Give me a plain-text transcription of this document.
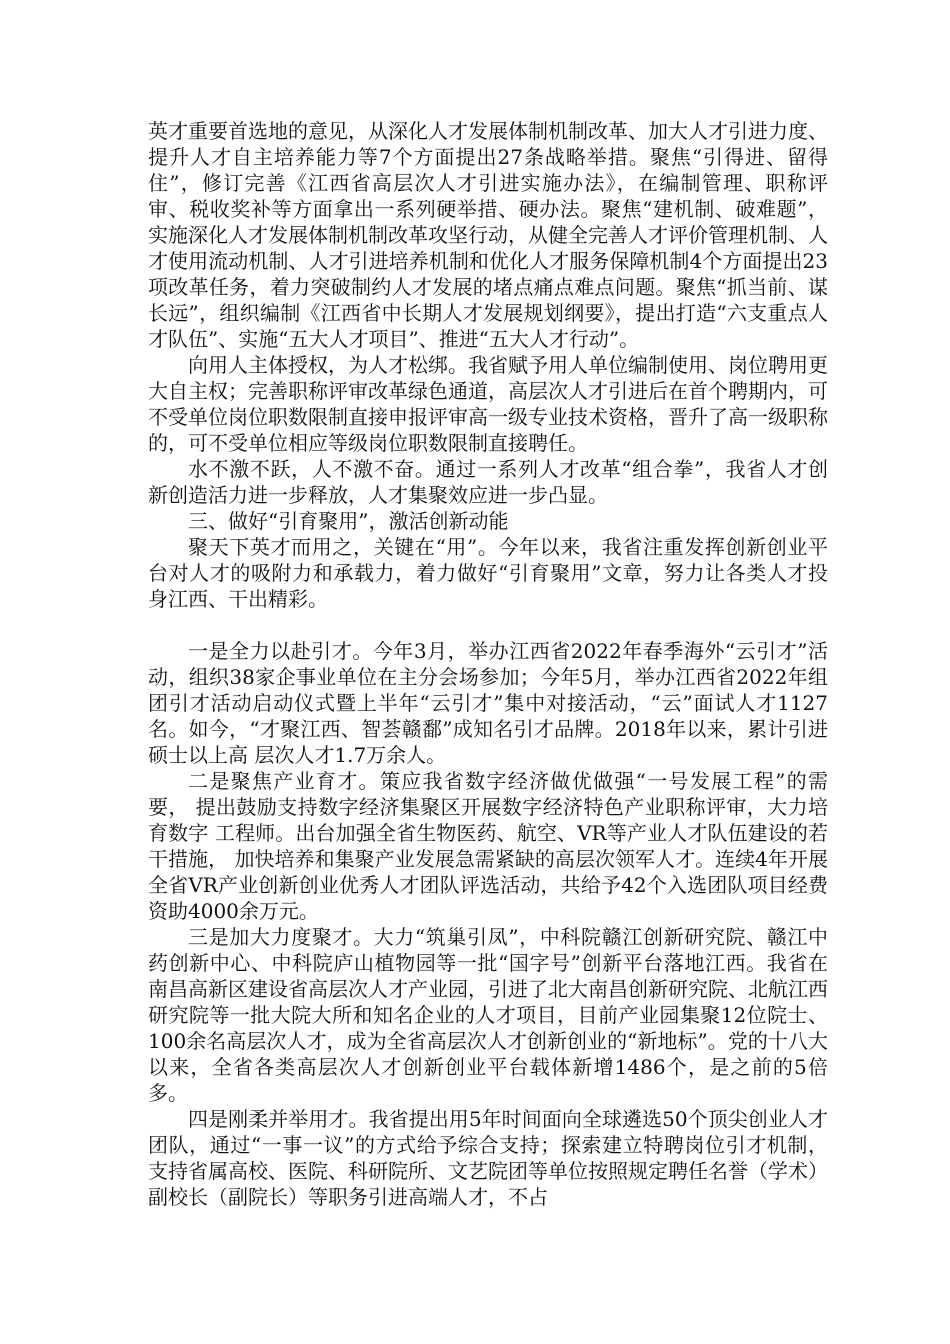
英才重要首选地的意见，从深化人才发展体制机制改革、加大人才引进力度、提升人才自主培养能力等7个方面提出27条战略举措。聚焦“引得进、留得住”，修订完善《江西省高层次人才引进实施办法》，在编制管理、职称评审、税收奖补等方面拿出一系列硬举措、硬办法。聚焦“建机制、破难题”，实施深化人才发展体制机制改革攻坚行动，从健全完善人才评价管理机制、人才使用流动机制、人才引进培养机制和优化人才服务保障机制4个方面提出23项改革任务，着力突破制约人才发展的堵点痛点难点问题。聚焦“抓当前、谋长远”，组织编制《江西省中长期人才发展规划纲要》，提出打造“六支重点人才队伍”、实施“五大人才项目”、推进“五大人才行动”。

向用人主体授权，为人才松绑。我省赋予用人单位编制使用、岗位聘用更大自主权；完善职称评审改革绿色通道，高层次人才引进后在首个聘期内，可不受单位岗位职数限制直接申报评审高一级专业技术资格，晋升了高一级职称的，可不受单位相应等级岗位职数限制直接聘任。

水不激不跃，人不激不奋。通过一系列人才改革“组合拳”，我省人才创新创造活力进一步释放，人才集聚效应进一步凸显。

三、做好“引育聚用”，激活创新动能

聚天下英才而用之，关键在“用”。今年以来，我省注重发挥创新创业平台对人才的吸附力和承载力，着力做好“引育聚用”文章，努力让各类人才投身江西、干出精彩。

一是全力以赴引才。今年3月，举办江西省2022年春季海外“云引才”活动，组织38家企事业单位在主分会场参加；今年5月，举办江西省2022年组团引才活动启动仪式暨上半年“云引才”集中对接活动，“云”面试人才1127名。如今，“才聚江西、智荟赣鄱”成知名引才品牌。2018年以来，累计引进硕士以上高 层次人才1.7万余人。

二是聚焦产业育才。策应我省数字经济做优做强“一号发展工程”的需要， 提出鼓励支持数字经济集聚区开展数字经济特色产业职称评审，大力培育数字 工程师。出台加强全省生物医药、航空、VR等产业人才队伍建设的若干措施， 加快培养和集聚产业发展急需紧缺的高层次领军人才。连续4年开展全省VR产业创新创业优秀人才团队评选活动，共给予42个入选团队项目经费资助4000余万元。

三是加大力度聚才。大力“筑巢引凤”，中科院赣江创新研究院、赣江中药创新中心、中科院庐山植物园等一批“国字号”创新平台落地江西。我省在南昌高新区建设省高层次人才产业园，引进了北大南昌创新研究院、北航江西研究院等一批大院大所和知名企业的人才项目，目前产业园集聚12位院士、100余名高层次人才，成为全省高层次人才创新创业的“新地标”。党的十八大以来，全省各类高层次人才创新创业平台载体新增1486个，是之前的5倍多。

四是刚柔并举用才。我省提出用5年时间面向全球遴选50个顶尖创业人才团队，通过“一事一议”的方式给予综合支持；探索建立特聘岗位引才机制，支持省属高校、医院、科研院所、文艺院团等单位按照规定聘任名誉（学术）副校长（副院长）等职务引进高端人才，不占
